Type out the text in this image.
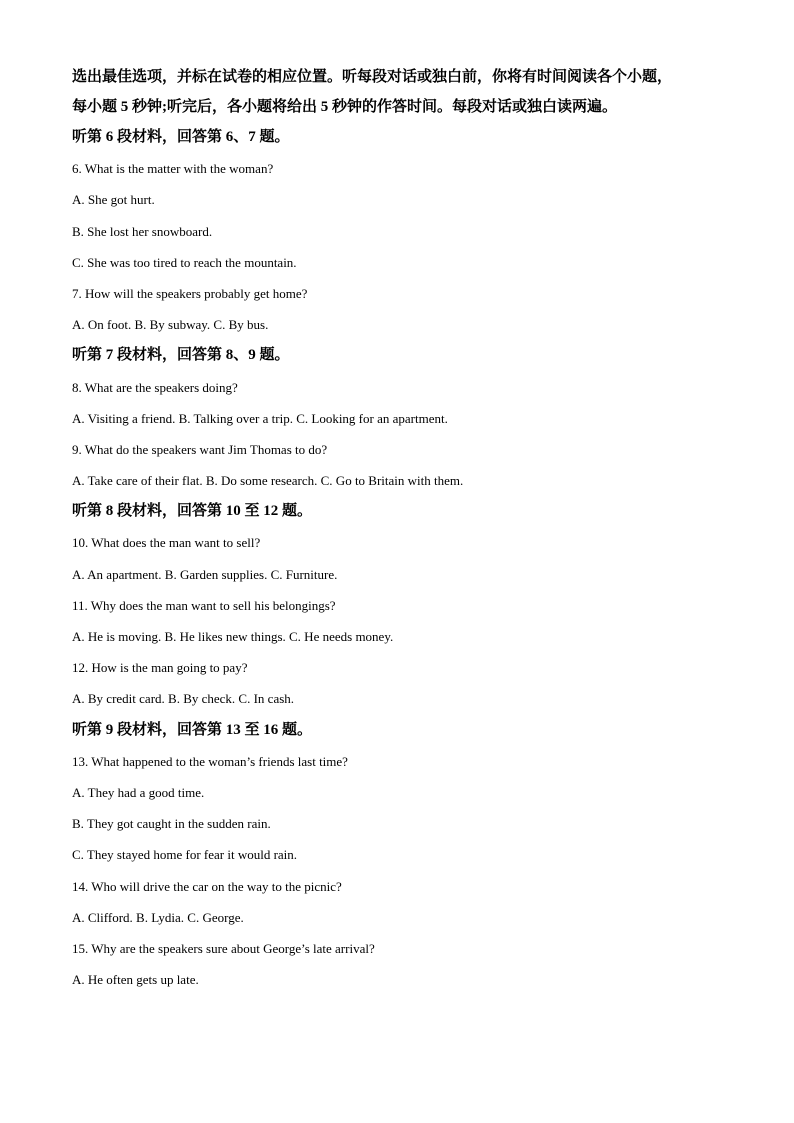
选出最佳选项，并标在试卷的相应位置。听每段对话或独白前，你将有时间阅读各个小题，
每小题 5 秒钟;听完后，各小题将给出 5 秒钟的作答时间。每段对话或独白读两遍。
听第 6 段材料，回答第 6、7 题。
6. What is the matter with the woman?
A. She got hurt.
B. She lost her snowboard.
C. She was too tired to reach the mountain.
7. How will the speakers probably get home?
A. On foot. B. By subway. C. By bus.
听第 7 段材料，回答第 8、9 题。
8. What are the speakers doing?
A. Visiting a friend. B. Talking over a trip. C. Looking for an apartment.
9. What do the speakers want Jim Thomas to do?
A. Take care of their flat. B. Do some research. C. Go to Britain with them.
听第 8 段材料，回答第 10 至 12 题。
10. What does the man want to sell?
A. An apartment. B. Garden supplies. C. Furniture.
11. Why does the man want to sell his belongings?
A. He is moving. B. He likes new things. C. He needs money.
12. How is the man going to pay?
A. By credit card. B. By check. C. In cash.
听第 9 段材料，回答第 13 至 16 题。
13. What happened to the woman’s friends last time?
A. They had a good time.
B. They got caught in the sudden rain.
C. They stayed home for fear it would rain.
14. Who will drive the car on the way to the picnic?
A. Clifford. B. Lydia. C. George.
15. Why are the speakers sure about George’s late arrival?
A. He often gets up late.
